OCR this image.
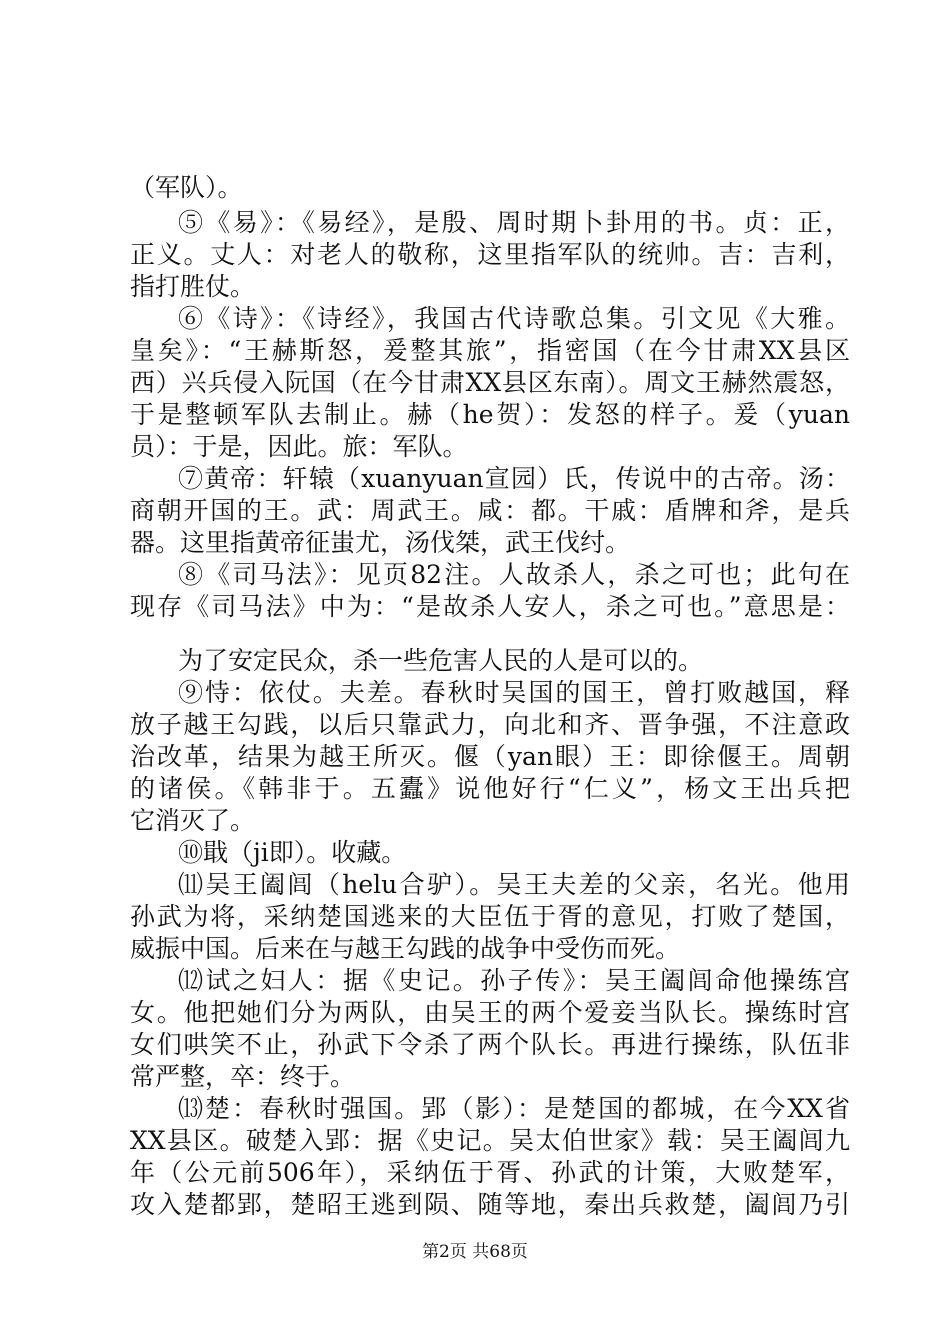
（军队）。

⑤《易》：《易经》，是殷、周时期卜卦用的书。贞：正，

正义。丈人：对老人的敬称，这里指军队的统帅。吉：吉利，

指打胜仗。

⑥《诗》：《诗经》，我国古代诗歌总集。引文见《大雅。

皇矣》：“王赫斯怒，爰整其旅”，指密国（在今甘肃XX县区

西）兴兵侵入阮国（在今甘肃XX县区东南）。周文王赫然震怒，

于是整顿军队去制止。赫（he贺）：发怒的样子。爰（yuan

员）：于是，因此。旅：军队。

⑦黄帝：轩辕（xuanyuan宣园）氏，传说中的古帝。汤：

商朝开国的王。武：周武王。咸：都。干戚：盾牌和斧，是兵

器。这里指黄帝征蚩尤，汤伐桀，武王伐纣。

⑧《司马法》：见页82注。人故杀人，杀之可也；此句在

现存《司马法》中为：“是故杀人安人，杀之可也。”意思是：

为了安定民众，杀一些危害人民的人是可以的。

⑨恃：依仗。夫差。春秋时吴国的国王，曾打败越国，释

放子越王勾践，以后只靠武力，向北和齐、晋争强，不注意政

治改革，结果为越王所灭。偃（yan眼）王：即徐偃王。周朝

的诸侯。《韩非于。五蠹》说他好行“仁义”，杨文王出兵把

它消灭了。

⑩戢（ji即）。收藏。

⑾吴王阖闾（helu合驴）。吴王夫差的父亲，名光。他用

孙武为将，采纳楚国逃来的大臣伍于胥的意见，打败了楚国，

威振中国。后来在与越王勾践的战争中受伤而死。

⑿试之妇人：据《史记。孙子传》：吴王阖闾命他操练宫

女。他把她们分为两队，由吴王的两个爱妾当队长。操练时宫

女们哄笑不止，孙武下令杀了两个队长。再进行操练，队伍非

常严整，卒：终于。

⒀楚：春秋时强国。郢（影）：是楚国的都城，在今XX省

XX县区。破楚入郢：据《史记。吴太伯世家》载：吴王阖闾九

年（公元前506年），采纳伍于胥、孙武的计策，大败楚军，

攻入楚都郢，楚昭王逃到陨、随等地，秦出兵救楚，阖闾乃引

第2页 共68页
